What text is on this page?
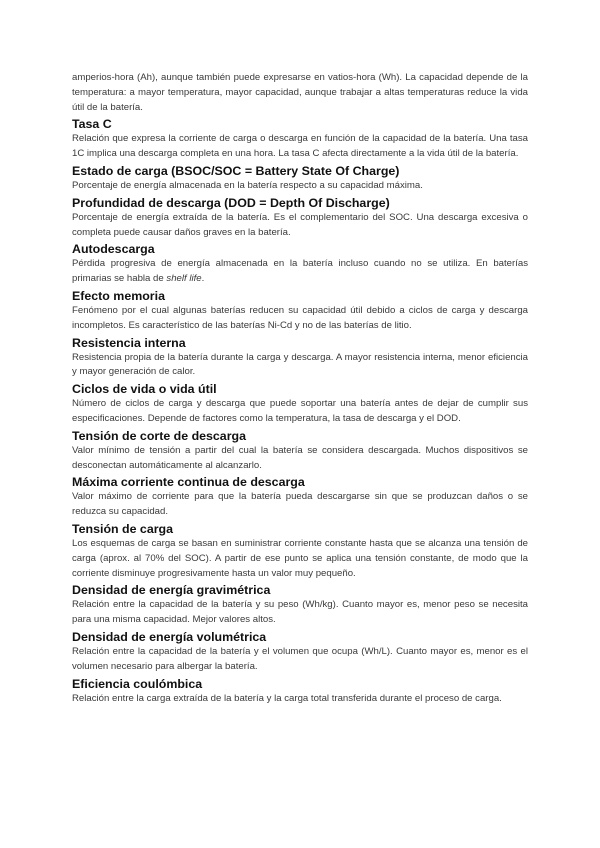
amperios-hora (Ah), aunque también puede expresarse en vatios-hora (Wh). La capacidad depende de la temperatura: a mayor temperatura, mayor capacidad, aunque trabajar a altas temperaturas reduce la vida útil de la batería.

Tasa C

Relación que expresa la corriente de carga o descarga en función de la capacidad de la batería. Una tasa 1C implica una descarga completa en una hora. La tasa C afecta directamente a la vida útil de la batería.

Estado de carga (BSOC/SOC = Battery State Of Charge)

Porcentaje de energía almacenada en la batería respecto a su capacidad máxima.

Profundidad de descarga (DOD = Depth Of Discharge)

Porcentaje de energía extraída de la batería. Es el complementario del SOC. Una descarga excesiva o completa puede causar daños graves en la batería.

Autodescarga

Pérdida progresiva de energía almacenada en la batería incluso cuando no se utiliza. En baterías primarias se habla de shelf life.

Efecto memoria

Fenómeno por el cual algunas baterías reducen su capacidad útil debido a ciclos de carga y descarga incompletos. Es característico de las baterías Ni-Cd y no de las baterías de litio.

Resistencia interna

Resistencia propia de la batería durante la carga y descarga. A mayor resistencia interna, menor eficiencia y mayor generación de calor.

Ciclos de vida o vida útil

Número de ciclos de carga y descarga que puede soportar una batería antes de dejar de cumplir sus especificaciones. Depende de factores como la temperatura, la tasa de descarga y el DOD.

Tensión de corte de descarga

Valor mínimo de tensión a partir del cual la batería se considera descargada. Muchos dispositivos se desconectan automáticamente al alcanzarlo.

Máxima corriente continua de descarga

Valor máximo de corriente para que la batería pueda descargarse sin que se produzcan daños o se reduzca su capacidad.

Tensión de carga

Los esquemas de carga se basan en suministrar corriente constante hasta que se alcanza una tensión de carga (aprox. al 70% del SOC). A partir de ese punto se aplica una tensión constante, de modo que la corriente disminuye progresivamente hasta un valor muy pequeño.

Densidad de energía gravimétrica

Relación entre la capacidad de la batería y su peso (Wh/kg). Cuanto mayor es, menor peso se necesita para una misma capacidad. Mejor valores altos.

Densidad de energía volumétrica

Relación entre la capacidad de la batería y el volumen que ocupa (Wh/L). Cuanto mayor es, menor es el volumen necesario para albergar la batería.

Eficiencia coulómbica

Relación entre la carga extraída de la batería y la carga total transferida durante el proceso de carga.
